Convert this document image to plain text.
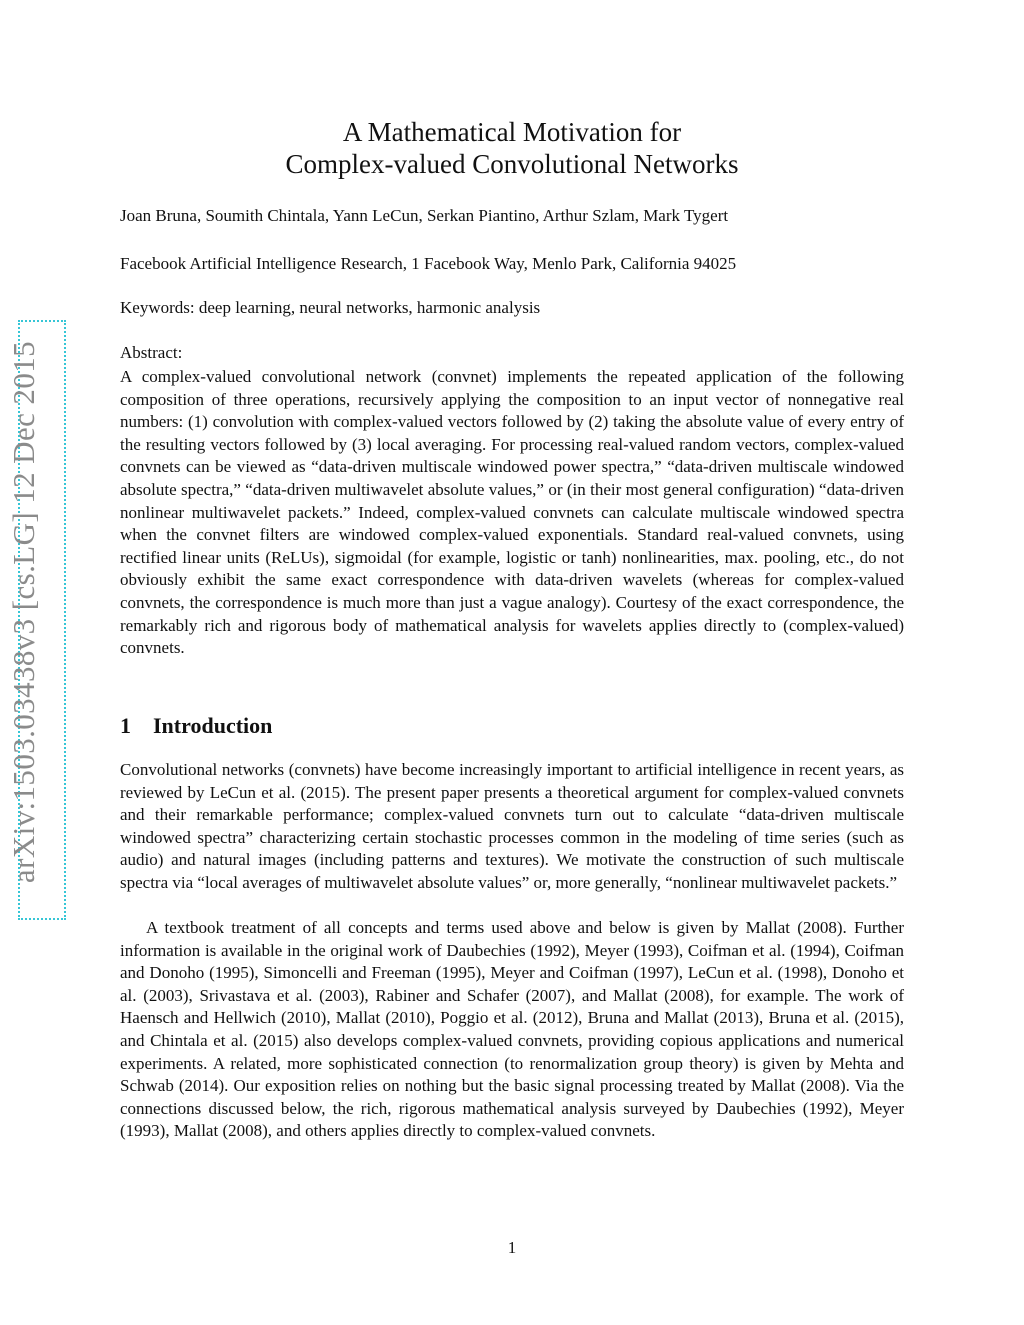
arXiv:1503.03438v3 [cs.LG] 12 Dec 2015
A Mathematical Motivation for
Complex-valued Convolutional Networks
Joan Bruna, Soumith Chintala, Yann LeCun, Serkan Piantino, Arthur Szlam, Mark Tygert
Facebook Artificial Intelligence Research, 1 Facebook Way, Menlo Park, California 94025
Keywords: deep learning, neural networks, harmonic analysis
Abstract:
A complex-valued convolutional network (convnet) implements the repeated application of the following composition of three operations, recursively applying the composition to an input vector of nonnegative real numbers: (1) convolution with complex-valued vectors followed by (2) taking the absolute value of every entry of the resulting vectors followed by (3) local averaging. For processing real-valued random vectors, complex-valued convnets can be viewed as “data-driven multiscale windowed power spectra,” “data-driven multiscale windowed absolute spectra,” “data-driven multiwavelet absolute values,” or (in their most general configuration) “data-driven nonlinear multiwavelet packets.” Indeed, complex-valued convnets can calculate multiscale windowed spectra when the convnet filters are windowed complex-valued exponentials. Standard real-valued convnets, using rectified linear units (ReLUs), sigmoidal (for example, logistic or tanh) nonlinearities, max. pooling, etc., do not obviously exhibit the same exact correspondence with data-driven wavelets (whereas for complex-valued convnets, the correspondence is much more than just a vague analogy). Courtesy of the exact correspondence, the remarkably rich and rigorous body of mathematical analysis for wavelets applies directly to (complex-valued) convnets.
1 Introduction
Convolutional networks (convnets) have become increasingly important to artificial intelligence in recent years, as reviewed by LeCun et al. (2015). The present paper presents a theoretical argument for complex-valued convnets and their remarkable performance; complex-valued convnets turn out to calculate “data-driven multiscale windowed spectra” characterizing certain stochastic processes common in the modeling of time series (such as audio) and natural images (including patterns and textures). We motivate the construction of such multiscale spectra via “local averages of multiwavelet absolute values” or, more generally, “nonlinear multiwavelet packets.”
A textbook treatment of all concepts and terms used above and below is given by Mallat (2008). Further information is available in the original work of Daubechies (1992), Meyer (1993), Coifman et al. (1994), Coifman and Donoho (1995), Simoncelli and Freeman (1995), Meyer and Coifman (1997), LeCun et al. (1998), Donoho et al. (2003), Srivastava et al. (2003), Rabiner and Schafer (2007), and Mallat (2008), for example. The work of Haensch and Hellwich (2010), Mallat (2010), Poggio et al. (2012), Bruna and Mallat (2013), Bruna et al. (2015), and Chintala et al. (2015) also develops complex-valued convnets, providing copious applications and numerical experiments. A related, more sophisticated connection (to renormalization group theory) is given by Mehta and Schwab (2014). Our exposition relies on nothing but the basic signal processing treated by Mallat (2008). Via the connections discussed below, the rich, rigorous mathematical analysis surveyed by Daubechies (1992), Meyer (1993), Mallat (2008), and others applies directly to complex-valued convnets.
1
